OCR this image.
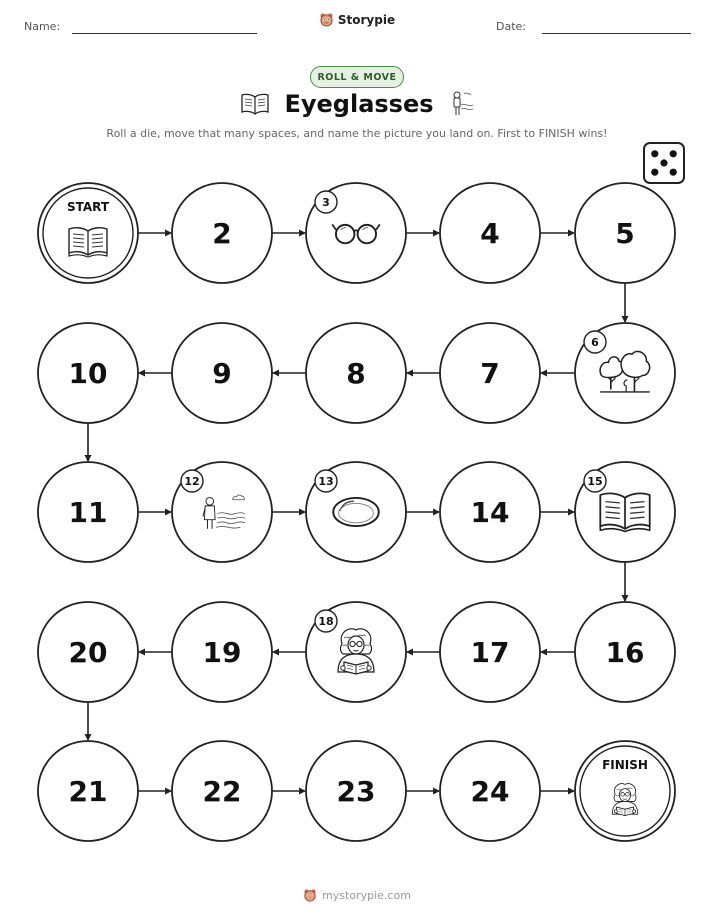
Name:	Storypie	Date:
ROLL & MOVE
Eyeglasses
Roll a die, move that many spaces, and name the picture you land on. First to FINISH wins!
START
2
3
4	5
6
7
8
9
10
11
12	13
14
15
16
17
18
19
20
21	22	23	24
FINISH
mystorypie.com
